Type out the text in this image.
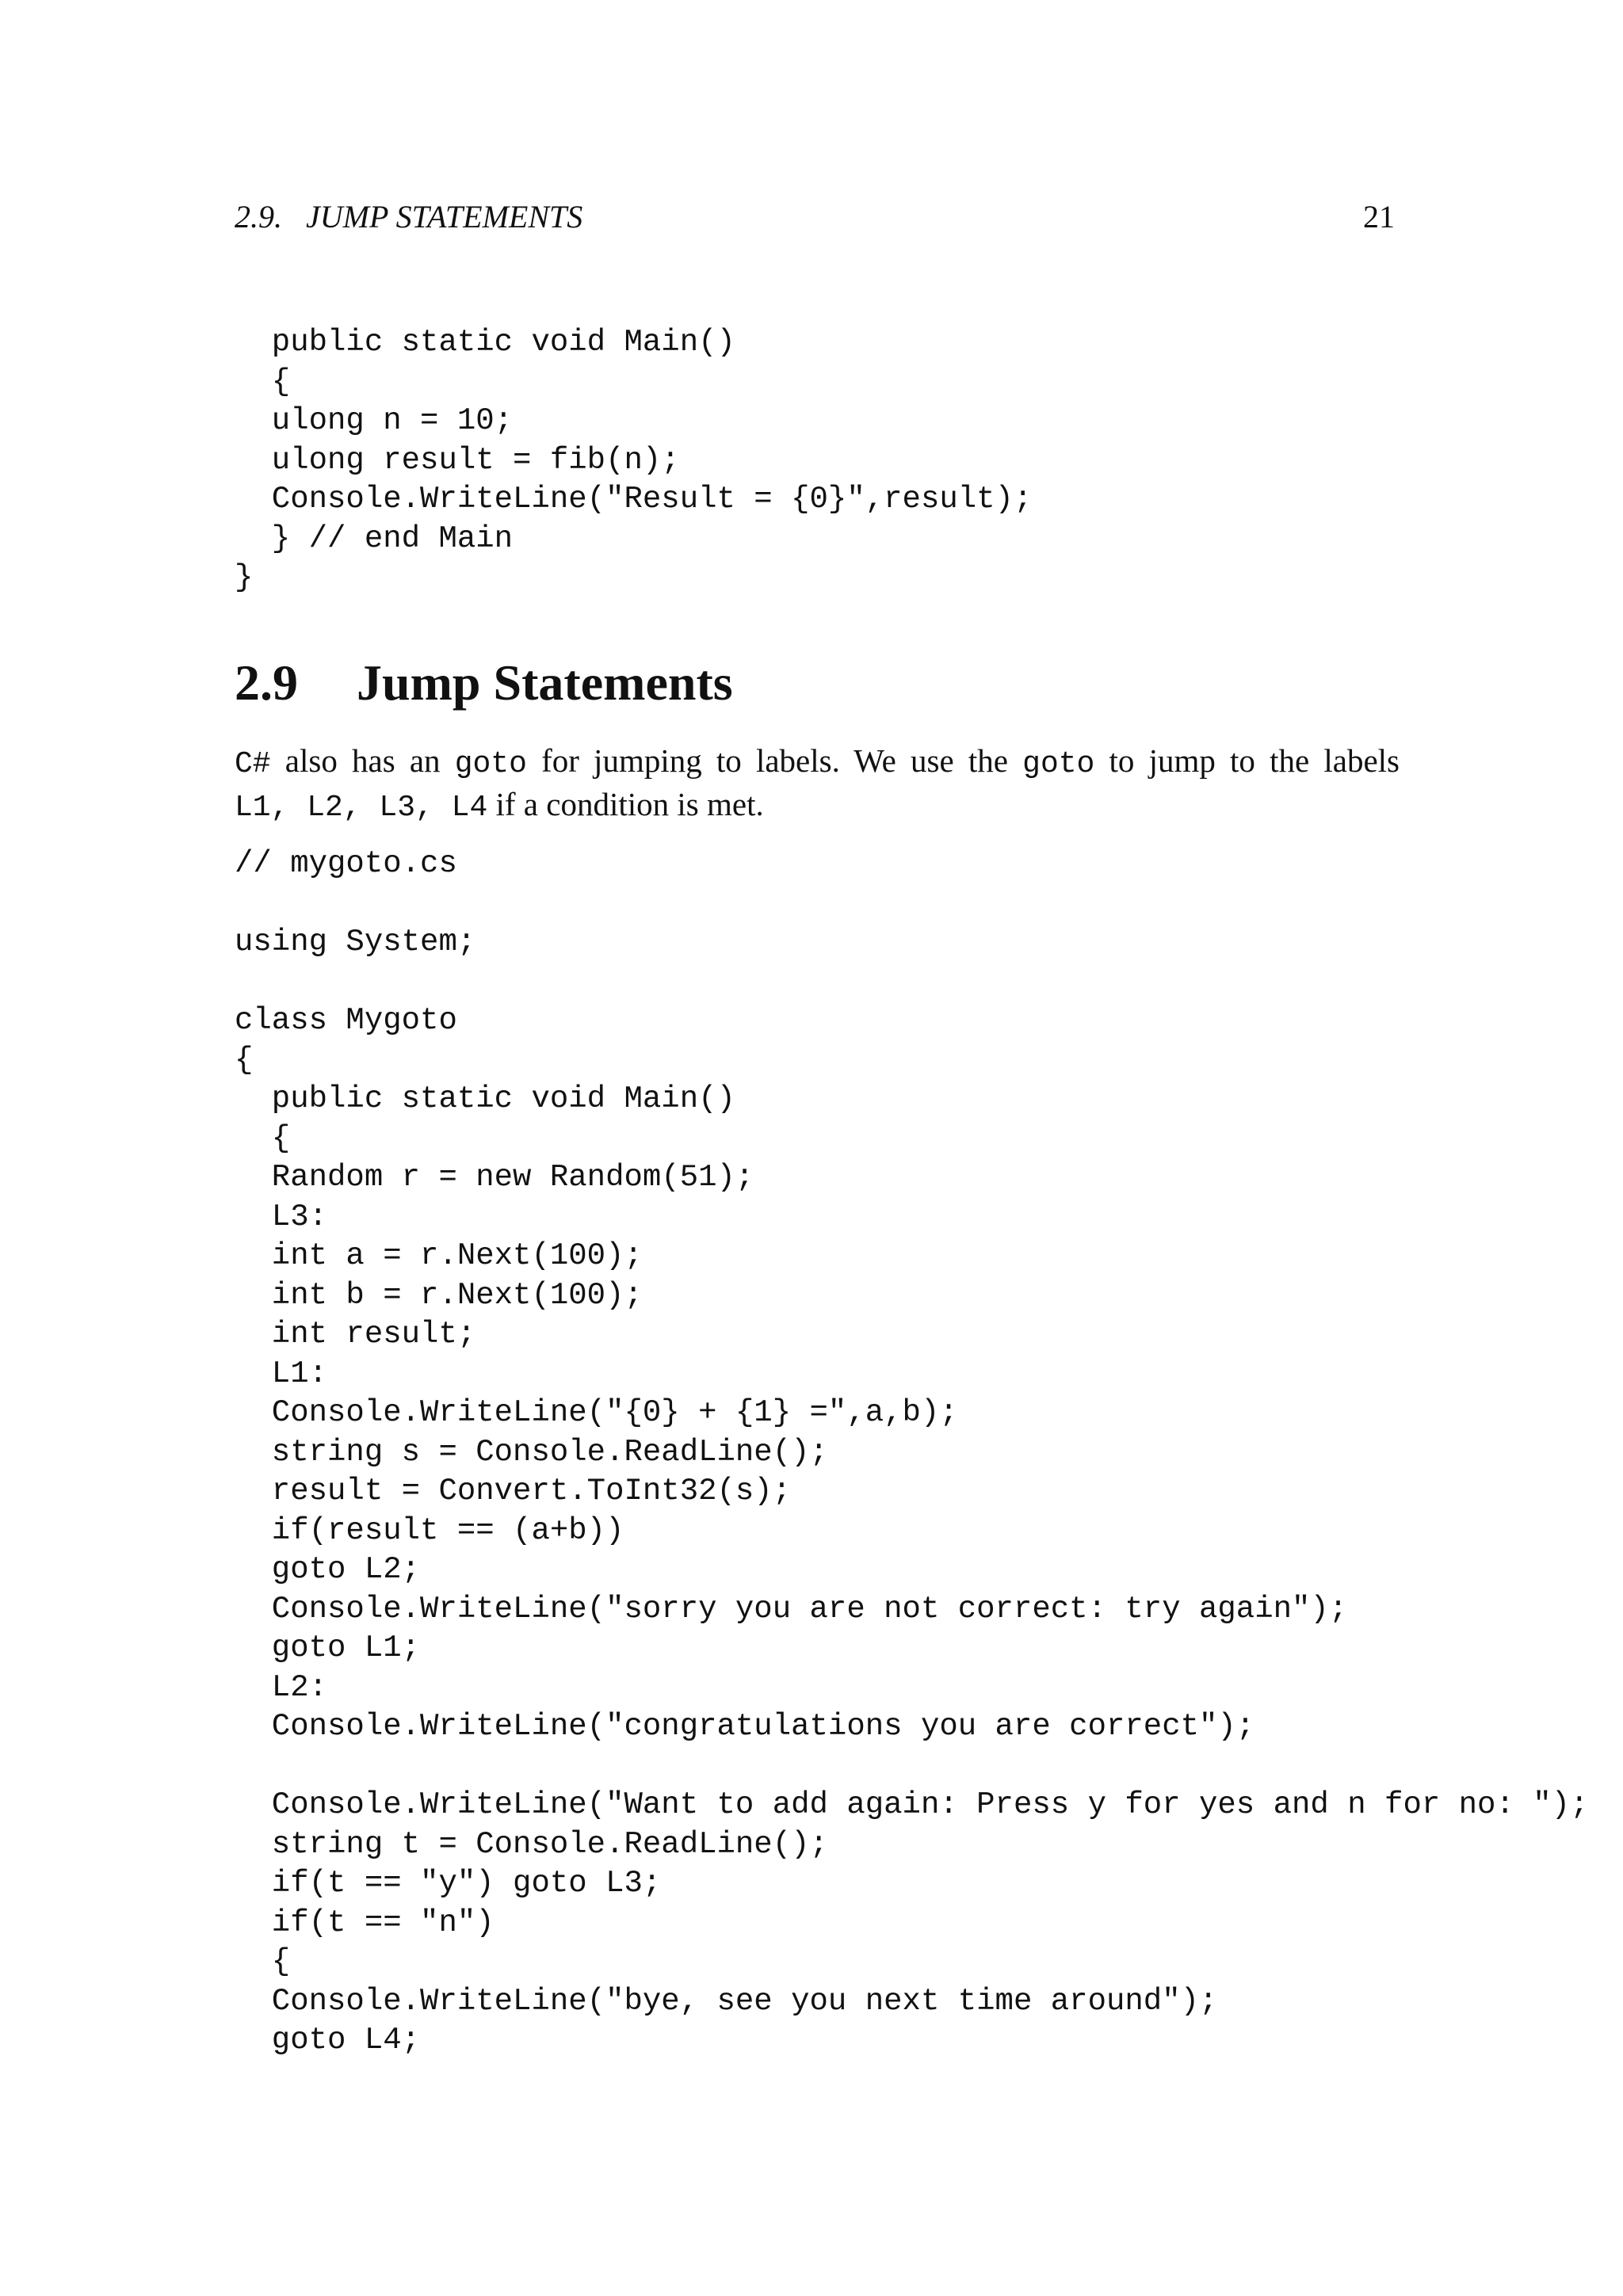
2.9.   JUMP STATEMENTS	21
public static void Main()
{
ulong n = 10;
ulong result = fib(n);
Console.WriteLine("Result = {0}",result);
} // end Main
}
2.9 Jump Statements
C# also has an goto for jumping to labels. We use the goto to jump to the labels
L1, L2, L3, L4 if a condition is met.
// mygoto.cs
using System;
class Mygoto
{
public static void Main()
{
Random r = new Random(51);
L3:
int a = r.Next(100);
int b = r.Next(100);
int result;
L1:
Console.WriteLine("{0} + {1} =",a,b);
string s = Console.ReadLine();
result = Convert.ToInt32(s);
if(result == (a+b))
goto L2;
Console.WriteLine("sorry you are not correct: try again");
goto L1;
L2:
Console.WriteLine("congratulations you are correct");
Console.WriteLine("Want to add again: Press y for yes and n for no: ");
string t = Console.ReadLine();
if(t == "y") goto L3;
if(t == "n")
{
Console.WriteLine("bye, see you next time around");
goto L4;
